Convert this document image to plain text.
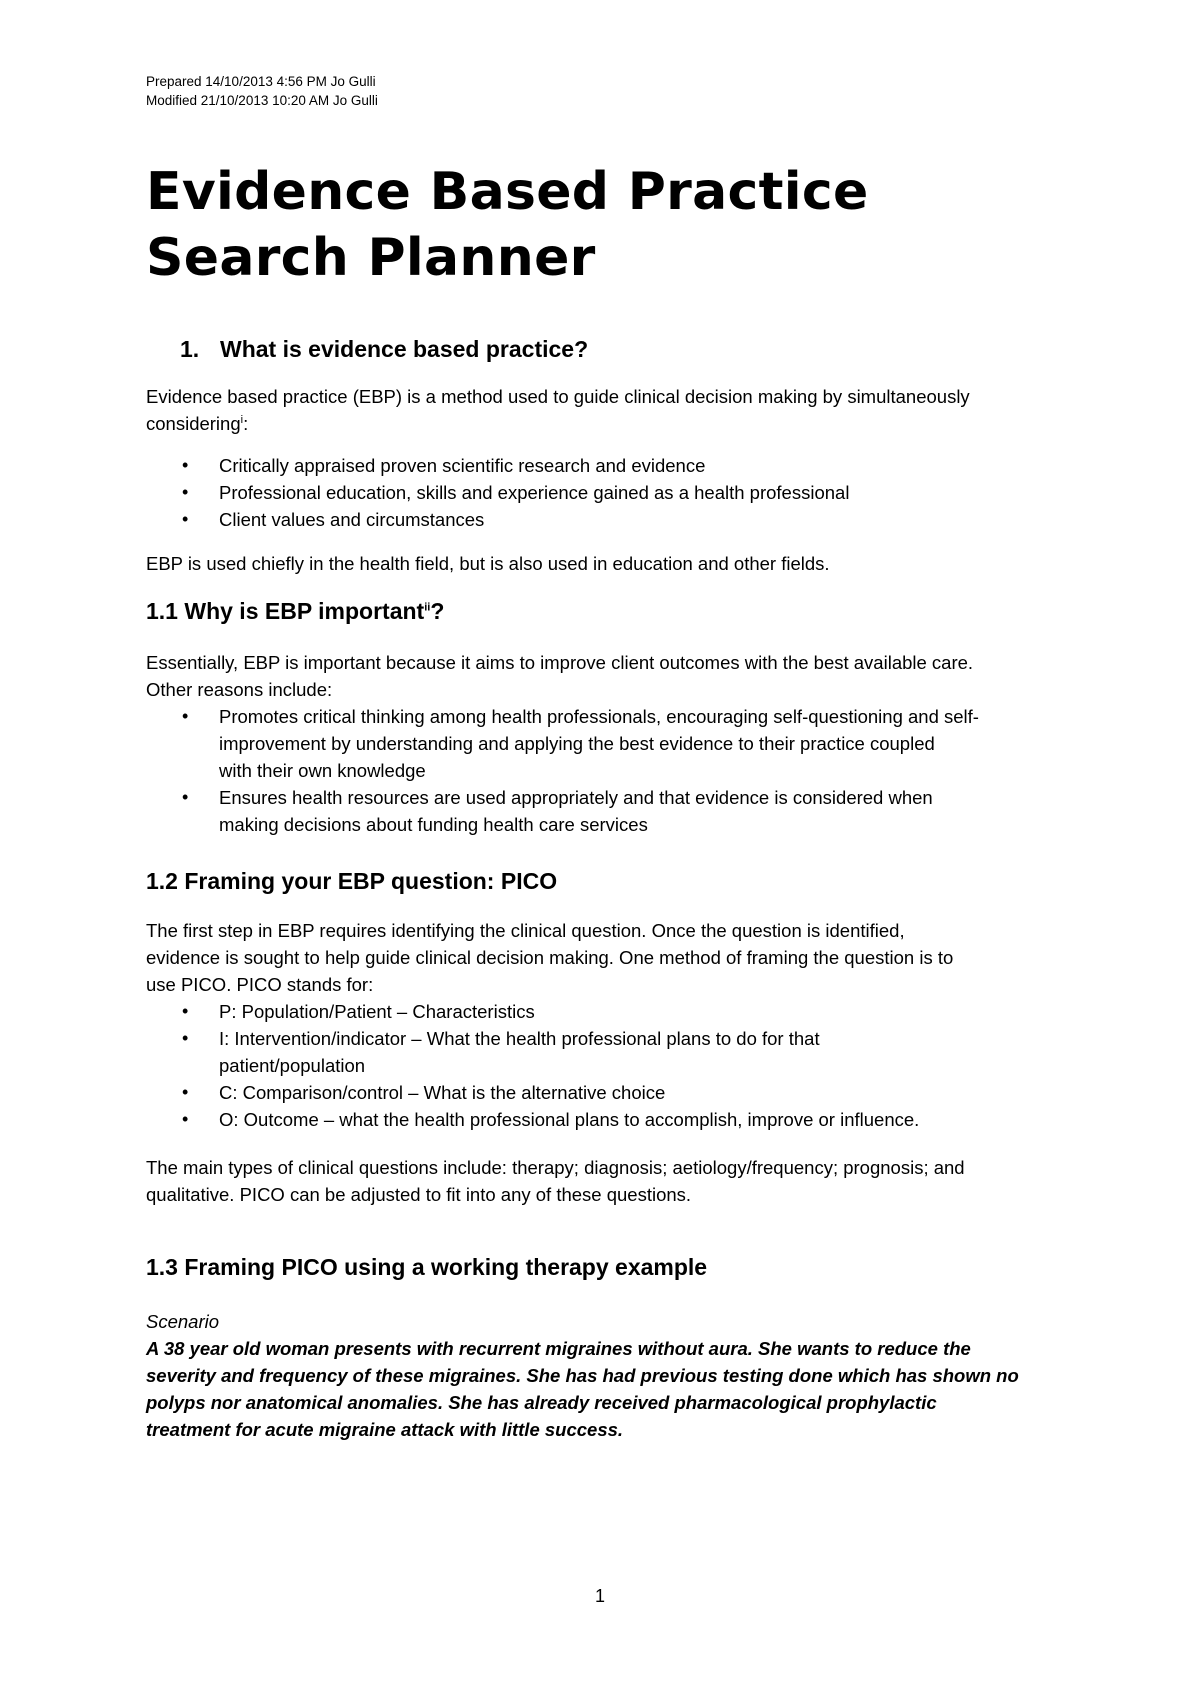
Prepared 14/10/2013 4:56 PM Jo Gulli
Modified 21/10/2013 10:20 AM Jo Gulli
Evidence Based Practice
Search Planner
1. What is evidence based practice?
Evidence based practice (EBP) is a method used to guide clinical decision making by simultaneously
considering$^i$:
• Critically appraised proven scientific research and evidence
• Professional education, skills and experience gained as a health professional
• Client values and circumstances
EBP is used chiefly in the health field, but is also used in education and other fields.
1.1 Why is EBP important$^{ii}$?
Essentially, EBP is important because it aims to improve client outcomes with the best available care.
Other reasons include:
• Promotes critical thinking among health professionals, encouraging self-questioning and self-
improvement by understanding and applying the best evidence to their practice coupled
with their own knowledge
• Ensures health resources are used appropriately and that evidence is considered when
making decisions about funding health care services
1.2 Framing your EBP question: PICO
The first step in EBP requires identifying the clinical question. Once the question is identified,
evidence is sought to help guide clinical decision making. One method of framing the question is to
use PICO. PICO stands for:
• P: Population/Patient – Characteristics
• I: Intervention/indicator – What the health professional plans to do for that
patient/population
• C: Comparison/control – What is the alternative choice
• O: Outcome – what the health professional plans to accomplish, improve or influence.
The main types of clinical questions include: therapy; diagnosis; aetiology/frequency; prognosis; and
qualitative. PICO can be adjusted to fit into any of these questions.
1.3 Framing PICO using a working therapy example
Scenario
A 38 year old woman presents with recurrent migraines without aura. She wants to reduce the
severity and frequency of these migraines. She has had previous testing done which has shown no
polyps nor anatomical anomalies. She has already received pharmacological prophylactic
treatment for acute migraine attack with little success.
1
